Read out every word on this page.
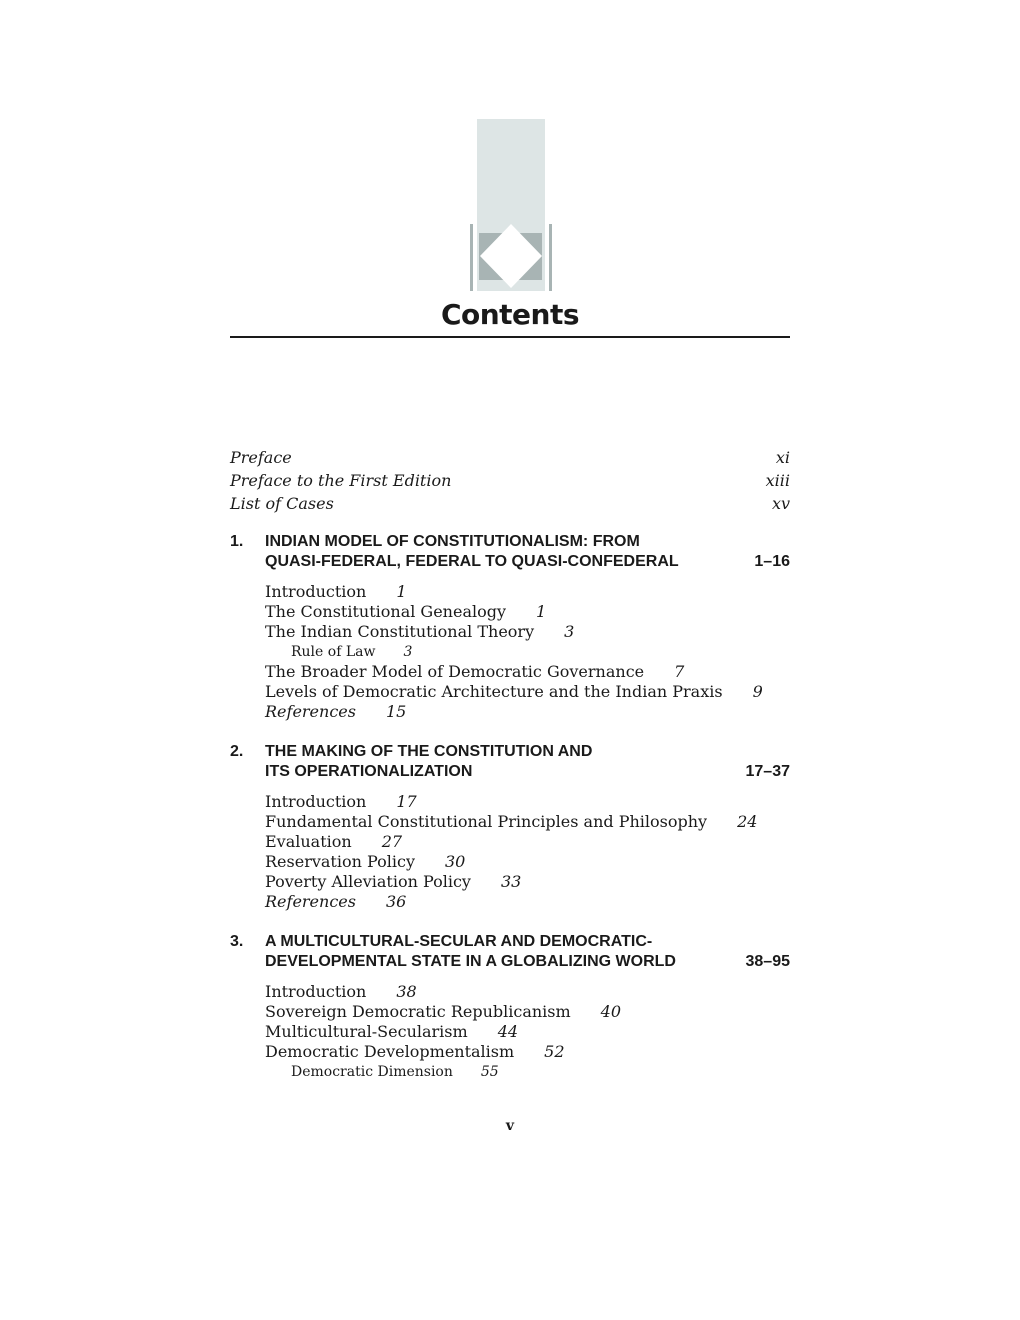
Contents
Preface	xi
Preface to the First Edition	xiii
List of Cases	xv
1.	INDIAN MODEL OF CONSTITUTIONALISM: FROM
QUASI-FEDERAL, FEDERAL TO QUASI-CONFEDERAL	1–16
Introduction 1
The Constitutional Genealogy 1
The Indian Constitutional Theory 3
Rule of Law 3
The Broader Model of Democratic Governance 7
Levels of Democratic Architecture and the Indian Praxis 9
References 15
2.	THE MAKING OF THE CONSTITUTION AND
ITS OPERATIONALIZATION	17–37
Introduction 17
Fundamental Constitutional Principles and Philosophy 24
Evaluation 27
Reservation Policy 30
Poverty Alleviation Policy 33
References 36
3.	A MULTICULTURAL-SECULAR AND DEMOCRATIC-
DEVELOPMENTAL STATE IN A GLOBALIZING WORLD	38–95
Introduction 38
Sovereign Democratic Republicanism 40
Multicultural-Secularism 44
Democratic Developmentalism 52
Democratic Dimension 55
v
